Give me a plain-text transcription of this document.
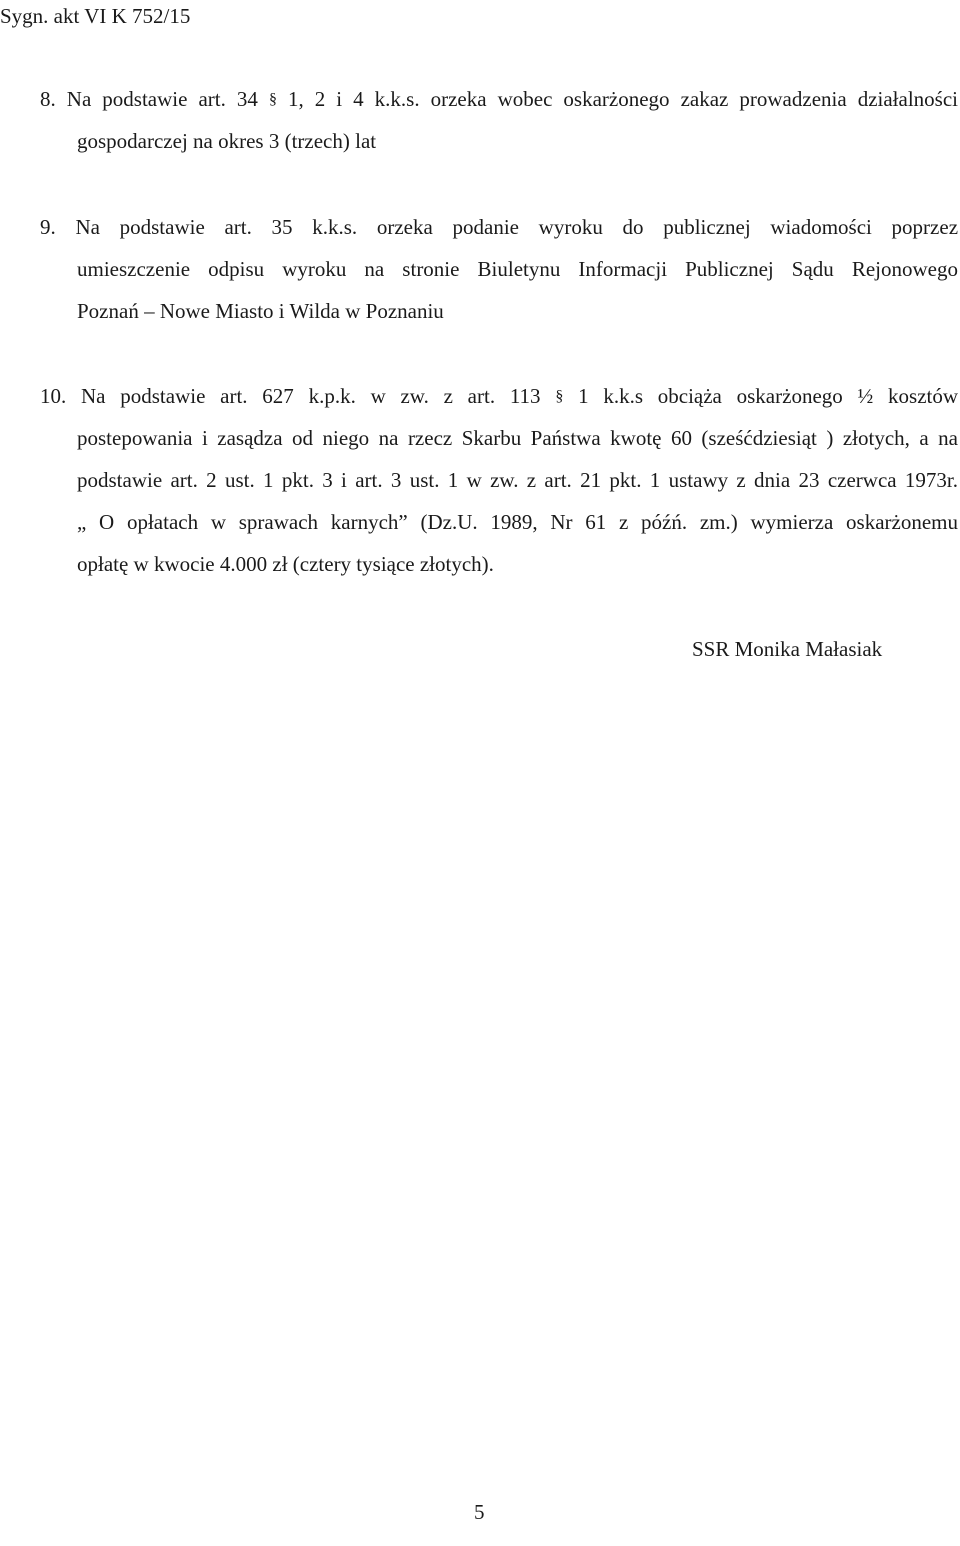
Sygn. akt VI K 752/15
8. Na podstawie art. 34 § 1, 2 i 4 k.k.s. orzeka wobec oskarżonego zakaz prowadzenia działalności
gospodarczej na okres 3 (trzech) lat
9. Na podstawie art. 35 k.k.s. orzeka podanie wyroku do publicznej wiadomości poprzez
umieszczenie odpisu wyroku na stronie Biuletynu Informacji Publicznej Sądu Rejonowego
Poznań – Nowe Miasto i Wilda w Poznaniu
10. Na podstawie art. 627 k.p.k. w zw. z art. 113 § 1 k.k.s obciąża oskarżonego ½ kosztów
postepowania i zasądza od niego na rzecz Skarbu Państwa kwotę 60 (sześćdziesiąt ) złotych, a na
podstawie art. 2 ust. 1 pkt. 3 i art. 3 ust. 1 w zw. z art. 21 pkt. 1 ustawy z dnia 23 czerwca 1973r.
„ O opłatach w sprawach karnych” (Dz.U. 1989, Nr 61 z późń. zm.) wymierza oskarżonemu
opłatę w kwocie 4.000 zł (cztery tysiące złotych).
SSR Monika Małasiak
5
